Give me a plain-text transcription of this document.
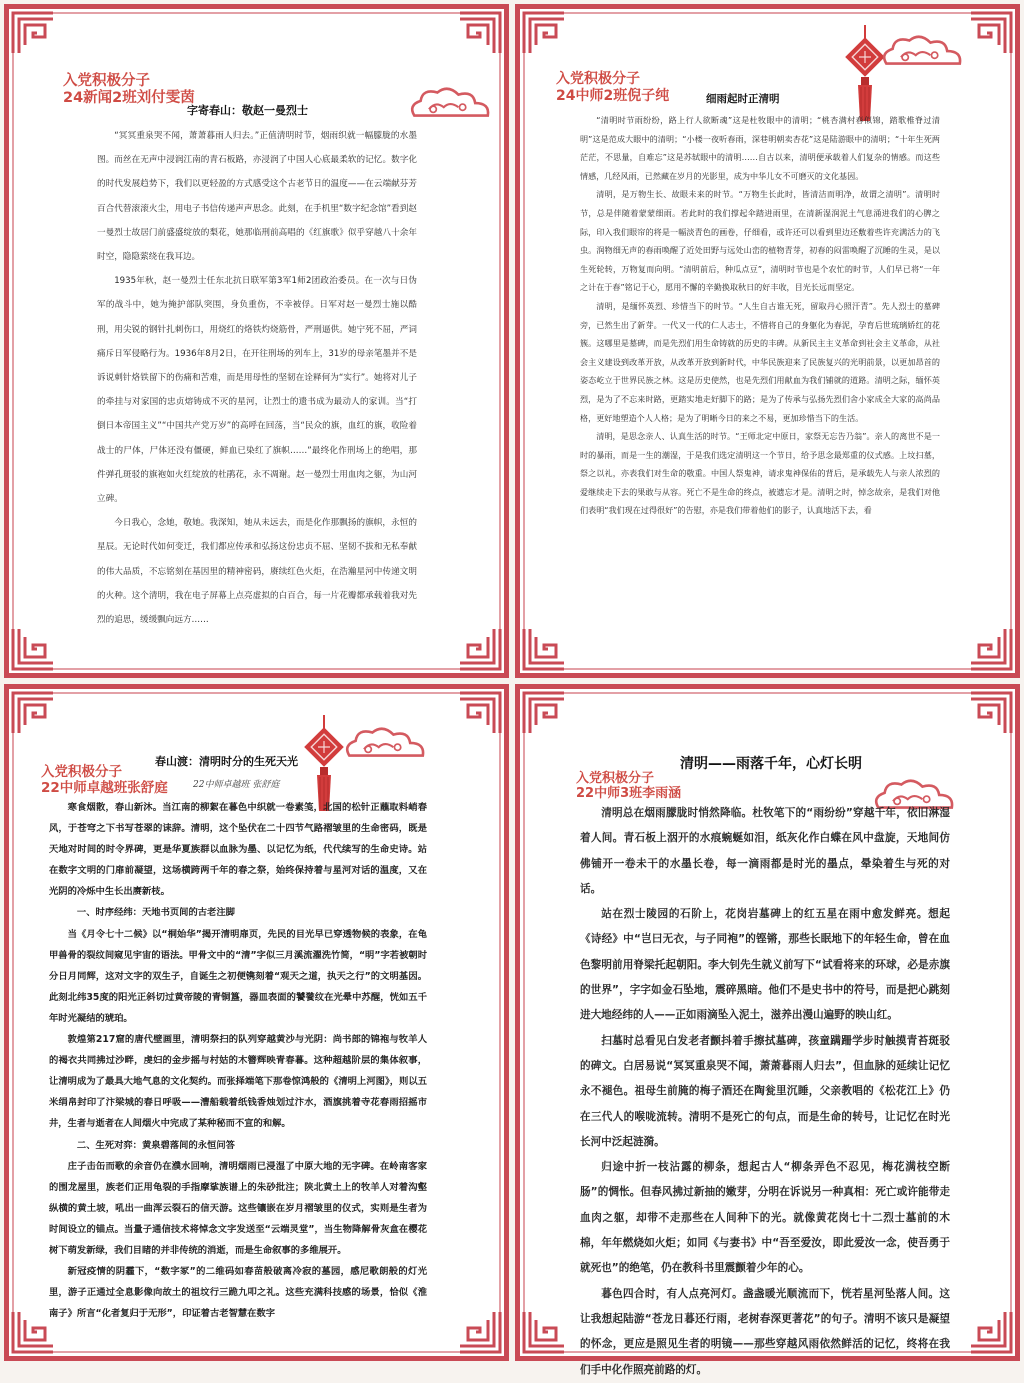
入党积极分子
24新闻2班刘付雯茵
字寄春山：敬赵一曼烈士

“冥冥重泉哭不闻，萧萧暮雨人归去。”正值清明时节，烟雨织就一幅朦胧的水墨图。而丝在无声中浸润江南的青石板路，亦浸润了中国人心底最柔软的记忆。数字化的时代发展趋势下，我们以更轻盈的方式感受这个古老节日的温度——在云端献芬芳百合代替滚滚火尘，用电子书信传递声声思念。此刻，在手机里“数字纪念馆”看到赵一曼烈士故居门前盛盛绽放的梨花，她那临刑前高唱的《红旗歌》似乎穿越八十余年时空，隐隐萦绕在我耳边。

1935年秋，赵一曼烈士任东北抗日联军第3军1师2团政治委员。在一次与日伪军的战斗中，她为掩护部队突围，身负重伤，不幸被俘。日军对赵一曼烈士施以酷刑，用尖锐的钢针扎刺伤口，用烧红的烙铁灼烧筋骨，严刑逼供。她宁死不屈，严词痛斥日军侵略行为。1936年8月2日，在开往刑场的列车上，31岁的母亲笔墨并不是诉说刺针烙铁留下的伤痛和苦难，而是用母性的坚韧在诠释何为“实行”。她将对儿子的牵挂与对家国的忠贞熔铸成不灭的星河，让烈士的遗书成为最动人的家训。当“打倒日本帝国主义”“中国共产党万岁”的高呼在回荡，当“民众的旗，血红的旗，收险着战士的尸体，尸体还没有僵硬，鲜血已染红了旗帜……”最终化作刑场上的绝唱，那件弹孔斑驳的旗袍如火红绽放的杜鹃花，永不凋谢。赵一曼烈士用血肉之躯，为山河立碑。

今日我心，念她，敬她。我深知，她从未远去，而是化作那飘扬的旗帜，永恒的星辰。无论时代如何变迁，我们都应传承和弘扬这份忠贞不屈、坚韧不拔和无私奉献的伟大品质，不忘铭刻在基因里的精神密码，赓续红色火炬，在浩瀚星河中传递文明的火种。这个清明，我在电子屏幕上点亮虚拟的白百合，每一片花瓣都承载着我对先烈的追思，缓缓飘向远方……

入党积极分子
24中师2班倪子纯	细雨起时正清明

“清明时节雨纷纷，路上行人欲断魂”这是杜牧眼中的清明；“桃杏满村春似锦，踏歌椎脊过清明”这是范成大眼中的清明；“小楼一夜听春雨，深巷明朝卖杏花”这是陆游眼中的清明；“十年生死两茫茫，不思量，自难忘”这是苏轼眼中的清明……自古以来，清明便承载着人们复杂的情感。而这些情感，几经风雨，已然藏在岁月的光影里，成为中华儿女不可磨灭的文化基因。

清明，是万物生长、故眼未来的时节。“万物生长此时，皆清洁而明净，故谓之清明”。清明时节，总是伴随着蒙蒙细雨。若此时的我们撑起伞踏进雨里，在清新湿润泥土气息涌进我们的心脾之际，印入我们眼帘的将是一幅淡青色的画卷，仔细看，或许还可以看到里边还敷着些许充满活力的飞虫。润物细无声的春雨唤醒了近处田野与远处山峦的植物青芽，初春的闷雷唤醒了沉睡的生灵，是以生死轮转，万物复而向明。“清明前后，种瓜点豆”，清明时节也是个农忙的时节，人们早已将“一年之计在于春”铭记于心，愿用不懈的辛勤换取秋日的好丰收，目光长远而坚定。

清明，是缅怀英烈、珍惜当下的时节。“人生自古谁无死，留取丹心照汗青”。先人烈士的墓碑旁，已然生出了新芽。一代又一代的仁人志士，不惜将自己的身躯化为春泥，孕育后世琉璃娇红的花簇。这哪里是墓碑，而是先烈们用生命铸就的历史的丰碑。从新民主主义革命到社会主义革命，从社会主义建设到改革开放，从改革开放到新时代，中华民族迎来了民族复兴的光明前景，以更加昂首的姿态屹立于世界民族之林。这是历史使然，也是先烈们用献血为我们铺就的道路。清明之际，缅怀英烈，是为了不忘来时路，更踏实地走好脚下的路；是为了传承与弘扬先烈们舍小家成全大家的高尚品格，更好地塑造个人人格；是为了明晰今日的来之不易，更加珍惜当下的生活。

清明，是思念亲人、认真生活的时节。“王师北定中原日，家祭无忘告乃翁”。亲人的离世不是一时的暴雨，而是一生的潮湿，于是我们选定清明这一个节日，给予思念最郑重的仪式感。上坟扫墓，祭之以礼，亦表我们对生命的敬重。中国人祭鬼神，请求鬼神保佑的背后，是承载先人与亲人浓烈的爱继续走下去的果敢与从容。死亡不是生命的终点，被遗忘才是。清明之时，悼念故亲，是我们对他们表明“我们现在过得很好”的告慰，亦是我们带着他们的影子，认真地活下去，看

入党积极分子
22中师卓越班张舒庭
春山渡：清明时分的生死天光
22中师卓越班 张舒庭

寒食烟散，春山新沐。当江南的柳絮在暮色中织就一卷素笺，北国的松针正蘸取料峭春风，于苍穹之下书写苍翠的诔辞。清明，这个坠伏在二十四节气路褶皱里的生命密码，既是天地对时间的时令界碑，更是华夏族群以血脉为墨、以记忆为纸，代代续写的生命史诗。站在数字文明的门扉前凝望，这场横跨两千年的春之祭，始终保持着与星河对话的温度，又在光阴的冷烁中生长出赓新枝。

一、时序经纬：天地书页间的古老注脚

当《月令七十二候》以“桐始华”揭开清明扉页，先民的目光早已穿透物候的表象，在龟甲兽骨的裂纹间窥见宇宙的语法。甲骨文中的“清”字似三月溪流濯洗竹简，“明”字若被朝时分日月同辉，这对文字的双生子，自诞生之初便镌刻着“观天之道，执天之行”的文明基因。此刻北纬35度的阳光正斜切过黄帝陵的青铜簋，器皿表面的饕餮纹在光晕中苏醒，恍如五千年时光凝结的琥珀。

敦煌第217窟的唐代壁画里，清明祭扫的队列穿越黄沙与光阴：尚书郎的锦袍与牧羊人的褐衣共同拂过沙畔，虔妇的金步摇与村姑的木簪辉映青春暮。这种超越阶层的集体叙事，让清明成为了最具大地气息的文化契约。而张择端笔下那卷惊鸿般的《清明上河图》，则以五米绢帛封印了汴梁城的春日呼吸——漕船载着纸钱香烛划过汴水，酒旗挑着寺花春雨招摇市井，生者与逝者在人间烟火中完成了某种秘而不宣的和解。

二、生死对弈：黄泉碧落间的永恒问答

庄子击缶而歌的余音仍在濮水回响，清明烟雨已浸湿了中原大地的无字碑。在岭南客家的围龙屋里，族老们正用龟裂的手指摩挲族谱上的朱砂批注；陕北黄土上的牧羊人对着沟壑纵横的黄土坡，吼出一曲浑云裂石的信天游。这些镶嵌在岁月褶皱里的仪式，实则是生者为时间设立的锚点。当量子通信技术将悼念文字发送至“云端灵堂”，当生物降解骨灰盒在樱花树下萌发新绿，我们目睹的并非传统的消逝，而是生命叙事的多维展开。

新冠疫情的阴霾下，“数字冢”的二维码如春苗般破离冷寂的墓园，感尼歌朗般的灯光里，游子正通过全息影像向故土的祖坟行三跪九叩之礼。这些充满科技感的场景，恰似《淮南子》所言“化者复归于无形”，印证着古老智慧在数字

清明——雨落千年，心灯长明
入党积极分子
22中师3班李雨涵

清明总在烟雨朦胧时悄然降临。杜牧笔下的“雨纷纷”穿越千年，依旧淋湿着人间。青石板上洇开的水痕蜿蜒如泪，纸灰化作白蝶在风中盘旋，天地间仿佛铺开一卷未干的水墨长卷，每一滴雨都是时光的墨点，晕染着生与死的对话。

站在烈士陵园的石阶上，花岗岩墓碑上的红五星在雨中愈发鲜亮。想起《诗经》中“岂曰无衣，与子同袍”的铿锵，那些长眠地下的年轻生命，曾在血色黎明前用脊梁托起朝阳。李大钊先生就义前写下“试看将来的环球，必是赤旗的世界”，字字如金石坠地，震碎黑暗。他们不是史书中的符号，而是把心跳刻进大地经纬的人——正如雨滴坠入泥土，滋养出漫山遍野的映山红。

扫墓时总看见白发老者颤抖着手擦拭墓碑，孩童蹒跚学步时触摸青苔斑驳的碑文。白居易说“冥冥重泉哭不闻，萧萧暮雨人归去”，但血脉的延续让记忆永不褪色。祖母生前腌的梅子酒还在陶瓮里沉睡，父亲教唱的《松花江上》仍在三代人的喉咙流转。清明不是死亡的句点，而是生命的转号，让记忆在时光长河中泛起涟漪。

归途中折一枝沾露的柳条，想起古人“柳条弄色不忍见，梅花满枝空断肠”的惆怅。但春风拂过新抽的嫩芽，分明在诉说另一种真相：死亡或许能带走血肉之躯，却带不走那些在人间种下的光。就像黄花岗七十二烈士墓前的木棉，年年燃烧如火炬；如同《与妻书》中“吾至爱汝，即此爱汝一念，使吾勇于就死也”的绝笔，仍在教科书里震颤着少年的心。

暮色四合时，有人点亮河灯。盏盏暖光顺流而下，恍若星河坠落人间。这让我想起陆游“苍龙日暮还行雨，老树春深更著花”的句子。清明不该只是凝望的怀念，更应是照见生者的明镜——那些穿越风雨依然鲜活的记忆，终将在我们手中化作照亮前路的灯。
